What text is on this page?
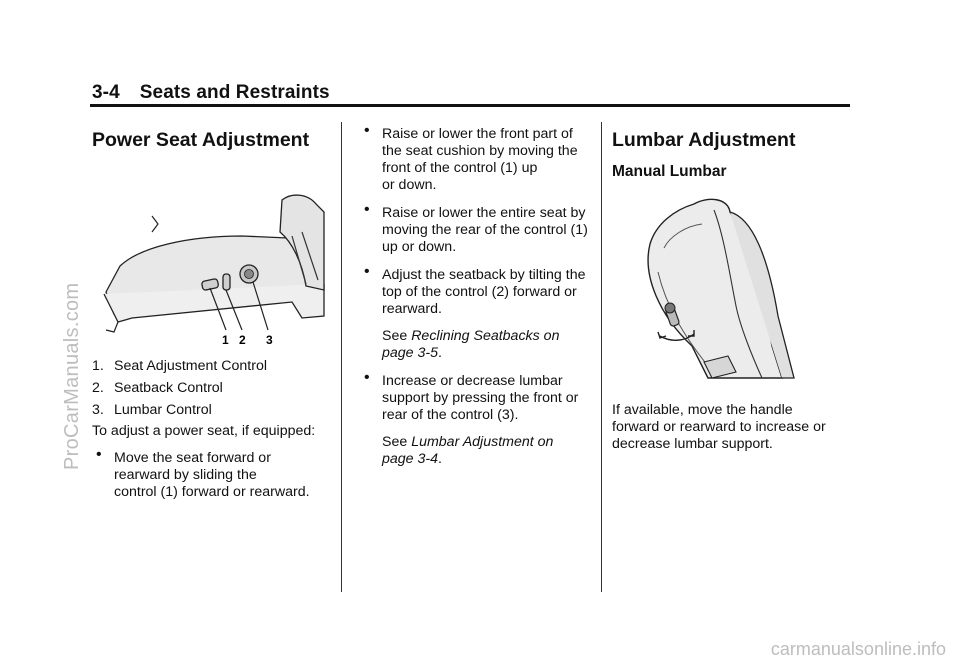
3-4 Seats and Restraints
Power Seat Adjustment
1 2 3
1. Seat Adjustment Control
2. Seatback Control
3. Lumbar Control

To adjust a power seat, if equipped:

• Move the seat forward or
rearward by sliding the
control (1) forward or rearward.
• Raise or lower the front part of
the seat cushion by moving the
front of the control (1) up
or down.
• Raise or lower the entire seat by
moving the rear of the control (1)
up or down.
• Adjust the seatback by tilting the
top of the control (2) forward or
rearward.
See Reclining Seatbacks on
page 3-5.
• Increase or decrease lumbar
support by pressing the front or
rear of the control (3).
See Lumbar Adjustment on
page 3-4.
Lumbar Adjustment
Manual Lumbar

If available, move the handle
forward or rearward to increase or
decrease lumbar support.

ProCarManuals.com
carmanualsonline.info
